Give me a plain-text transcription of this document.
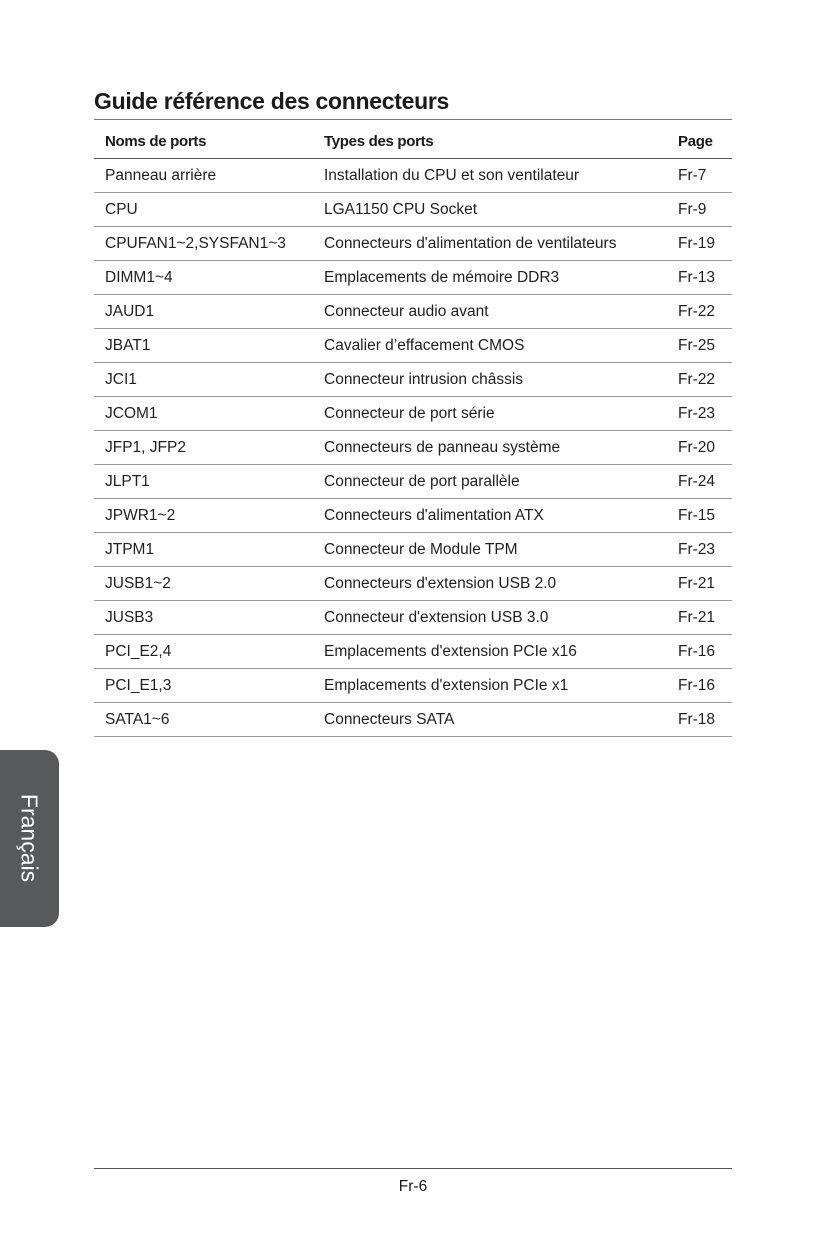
Guide référence des connecteurs
Noms de ports	Types des ports	Page
Panneau arrière	Installation du CPU et son ventilateur	Fr-7
CPU	LGA1150 CPU Socket	Fr-9
CPUFAN1~2,SYSFAN1~3	Connecteurs d'alimentation de ventilateurs	Fr-19
DIMM1~4	Emplacements de mémoire DDR3	Fr-13
JAUD1	Connecteur audio avant	Fr-22
JBAT1	Cavalier d’effacement CMOS	Fr-25
JCI1	Connecteur intrusion châssis	Fr-22
JCOM1	Connecteur de port série	Fr-23
JFP1, JFP2	Connecteurs de panneau système	Fr-20
JLPT1	Connecteur de port parallèle	Fr-24
JPWR1~2	Connecteurs d'alimentation ATX	Fr-15
JTPM1	Connecteur de Module TPM	Fr-23
JUSB1~2	Connecteurs d'extension USB 2.0	Fr-21
JUSB3	Connecteur d'extension USB 3.0	Fr-21
PCI_E2,4	Emplacements d'extension PCIe x16	Fr-16
PCI_E1,3	Emplacements d'extension PCIe x1	Fr-16
SATA1~6	Connecteurs SATA	Fr-18
Français
Fr-6
